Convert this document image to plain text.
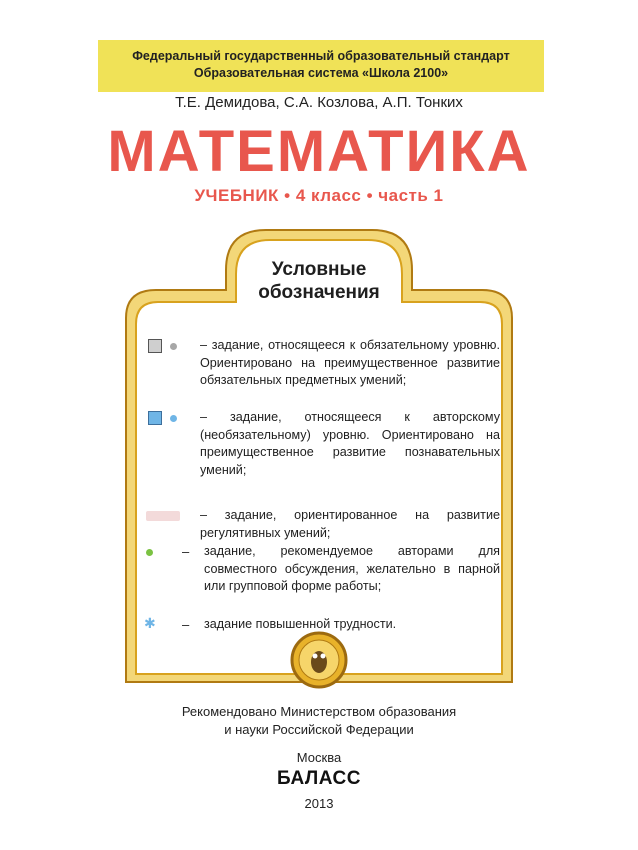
Федеральный государственный образовательный стандарт
Образовательная система «Школа 2100»
Т.Е. Демидова, С.А. Козлова, А.П. Тонких
МАТЕМАТИКА
УЧЕБНИК • 4 класс • часть 1
Условные
обозначения
– задание, относящееся к обязательному уровню. Ориентировано на преимущественное развитие обязательных предметных умений;
– задание, относящееся к авторскому (необязательному) уровню. Ориентировано на преимущественное развитие познавательных умений;
– задание, ориентированное на развитие регулятивных умений;
– задание, рекомендуемое авторами для совместного обсуждения, желательно в парной или групповой форме работы;
✱ – задание повышенной трудности.
Рекомендовано Министерством образования
и науки Российской Федерации
Москва
БАЛАСС
2013
